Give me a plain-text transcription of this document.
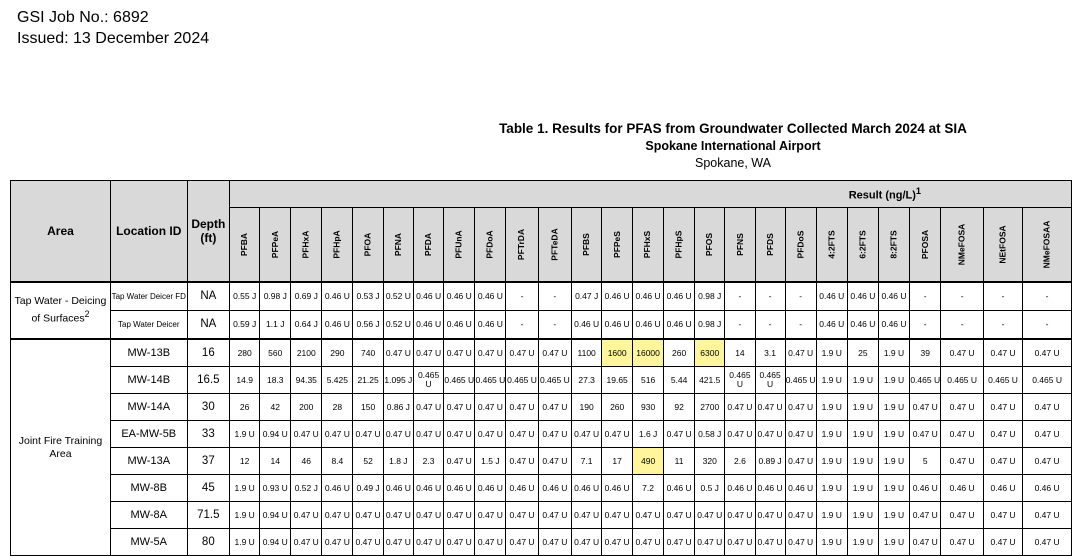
GSI Job No.: 6892
Issued: 13 December 2024
Table 1. Results for PFAS from Groundwater Collected March 2024 at SIA
Spokane International Airport
Spokane, WA
Area	Location ID	Depth (ft)	Result $(ng/L)^1$
			PFBA	PFPeA	PFHxA	PFHpA	PFOA	PFNA	PFDA	PFUnA	PFDoA	PFTrDA	PFTeDA	PFBS	PFPeS	PFHxS	PFHpS	PFOS	PFNS	PFDS	PFDoS	4:2FTS	6:2FTS	8:2FTS	PFOSA	NMeFOSA	NEtFOSA	NMeFOSAA
Tap Water - Deicing of Surfaces$^2$	Tap Water Deicer FD	NA	0.55 J	0.98 J	0.69 J	0.46 U	0.53 J	0.52 U	0.46 U	0.46 U	0.46 U	-	-	0.47 J	0.46 U	0.46 U	0.46 U	0.98 J	-	-	-	0.46 U	0.46 U	0.46 U	-	-	-	-
	Tap Water Deicer	NA	0.59 J	1.1 J	0.64 J	0.46 U	0.56 J	0.52 U	0.46 U	0.46 U	0.46 U	-	-	0.46 U	0.46 U	0.46 U	0.46 U	0.98 J	-	-	-	0.46 U	0.46 U	0.46 U	-	-	-	-
Joint Fire Training Area	MW-13B	16	280	560	2100	290	740	0.47 U	0.47 U	0.47 U	0.47 U	0.47 U	0.47 U	1100	1600	16000	260	6300	14	3.1	0.47 U	1.9 U	25	1.9 U	39	0.47 U	0.47 U	0.47 U
	MW-14B	16.5	14.9	18.3	94.35	5.425	21.25	1.095 J	0.465 U	0.465 U	0.465 U	0.465 U	0.465 U	27.3	19.65	516	5.44	421.5	0.465 U	0.465 U	0.465 U	1.9 U	1.9 U	1.9 U	0.465 U	0.465 U	0.465 U	0.465 U
	MW-14A	30	26	42	200	28	150	0.86 J	0.47 U	0.47 U	0.47 U	0.47 U	0.47 U	190	260	930	92	2700	0.47 U	0.47 U	0.47 U	1.9 U	1.9 U	1.9 U	0.47 U	0.47 U	0.47 U	0.47 U
	EA-MW-5B	33	1.9 U	0.94 U	0.47 U	0.47 U	0.47 U	0.47 U	0.47 U	0.47 U	0.47 U	0.47 U	0.47 U	0.47 U	0.47 U	1.6 J	0.47 U	0.58 J	0.47 U	0.47 U	0.47 U	1.9 U	1.9 U	1.9 U	0.47 U	0.47 U	0.47 U	0.47 U
	MW-13A	37	12	14	46	8.4	52	1.8 J	2.3	0.47 U	1.5 J	0.47 U	0.47 U	7.1	17	490	11	320	2.6	0.89 J	0.47 U	1.9 U	1.9 U	1.9 U	5	0.47 U	0.47 U	0.47 U
	MW-8B	45	1.9 U	0.93 U	0.52 J	0.46 U	0.49 J	0.46 U	0.46 U	0.46 U	0.46 U	0.46 U	0.46 U	0.46 U	0.46 U	7.2	0.46 U	0.5 J	0.46 U	0.46 U	0.46 U	1.9 U	1.9 U	1.9 U	0.46 U	0.46 U	0.46 U	0.46 U
	MW-8A	71.5	1.9 U	0.94 U	0.47 U	0.47 U	0.47 U	0.47 U	0.47 U	0.47 U	0.47 U	0.47 U	0.47 U	0.47 U	0.47 U	0.47 U	0.47 U	0.47 U	0.47 U	0.47 U	0.47 U	1.9 U	1.9 U	1.9 U	0.47 U	0.47 U	0.47 U	0.47 U
	MW-5A	80	1.9 U	0.94 U	0.47 U	0.47 U	0.47 U	0.47 U	0.47 U	0.47 U	0.47 U	0.47 U	0.47 U	0.47 U	0.47 U	0.47 U	0.47 U	0.47 U	0.47 U	0.47 U	0.47 U	1.9 U	1.9 U	1.9 U	0.47 U	0.47 U	0.47 U	0.47 U
